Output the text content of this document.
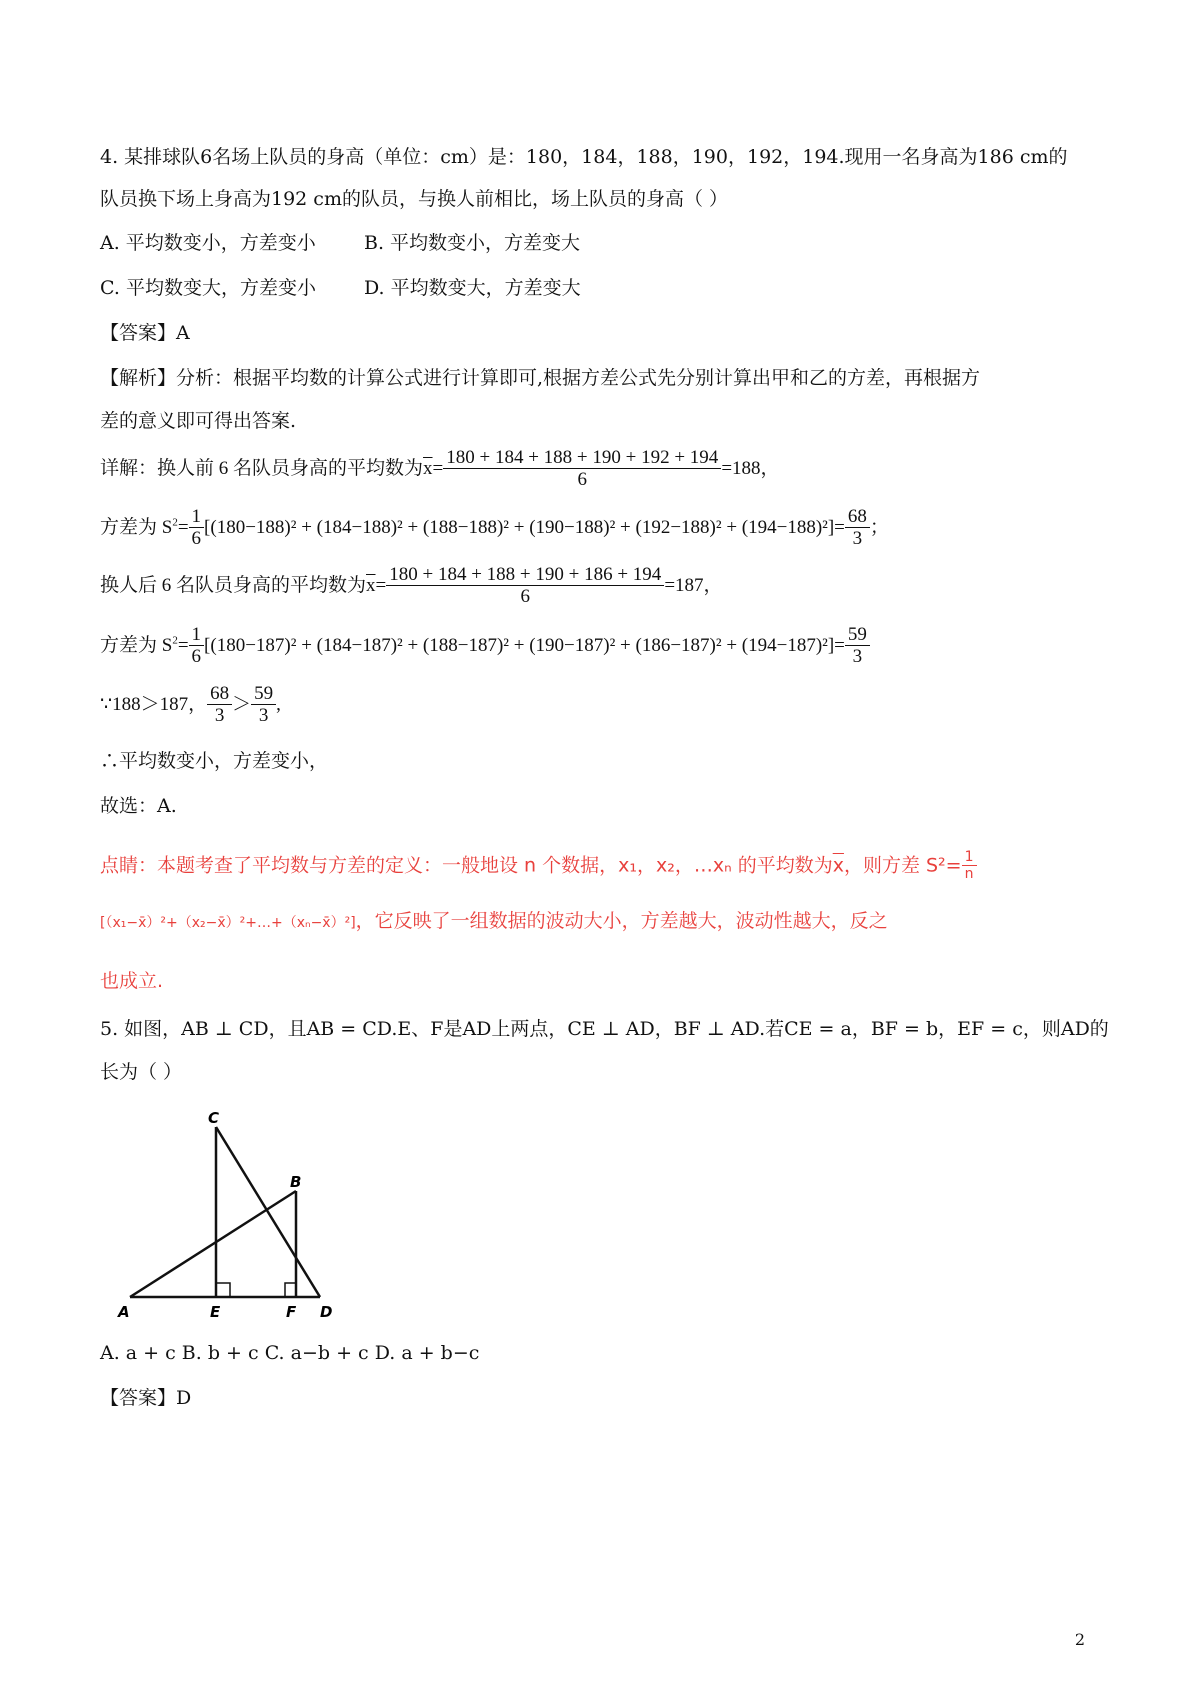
4. 某排球队6名场上队员的身高（单位：cm）是：180，184，188，190，192，194.现用一名身高为186 cm的
队员换下场上身高为192 cm的队员，与换人前相比，场上队员的身高（ ）
A. 平均数变小，方差变小	B. 平均数变小，方差变大
C. 平均数变大，方差变小	D. 平均数变大，方差变大
【答案】A
【解析】分析：根据平均数的计算公式进行计算即可,根据方差公式先分别计算出甲和乙的方差，再根据方
差的意义即可得出答案.
详解：换人前 6 名队员身高的平均数为$\overline{x}= \frac{180 + 184 + 188 + 190 + 192 + 194}{6} =188$，
方差为 $S^2= \frac{1}{6} [(180-188)^2 + (184-188)^2 + (188-188)^2 + (190-188)^2 + (192-188)^2 + (194-188)^2]= \frac{68}{3}$ ；
换人后 6 名队员身高的平均数为$\overline{x}= \frac{180 + 184 + 188 + 190 + 186 + 194}{6} =187$，
方差为 $S^2= \frac{1}{6} [(180-187)^2 + (184-187)^2 + (188-187)^2 + (190-187)^2 + (186-187)^2 + (194-187)^2]= \frac{59}{3}$
∵188＞187， $\frac{68}{3} > \frac{59}{3}$ ,
∴平均数变小，方差变小，
故选：A.
点睛：本题考查了平均数与方差的定义：一般地设 n 个数据，x₁，x₂，…xₙ 的平均数为$\overline{x}$，则方差 $S^2= \frac{1}{n}$
[（x₁−x̄）²+（x₂−x̄）²+…+（xₙ−x̄）²]，它反映了一组数据的波动大小，方差越大，波动性越大，反之
也成立.
5. 如图，AB ⊥ CD，且AB = CD.E、F是AD上两点，CE ⊥ AD，BF ⊥ AD.若CE = a，BF = b，EF = c，则AD的
长为（ ）
C
B
A	E	F D
A. a + c B. b + c C. a−b + c D. a + b−c
【答案】D
2
